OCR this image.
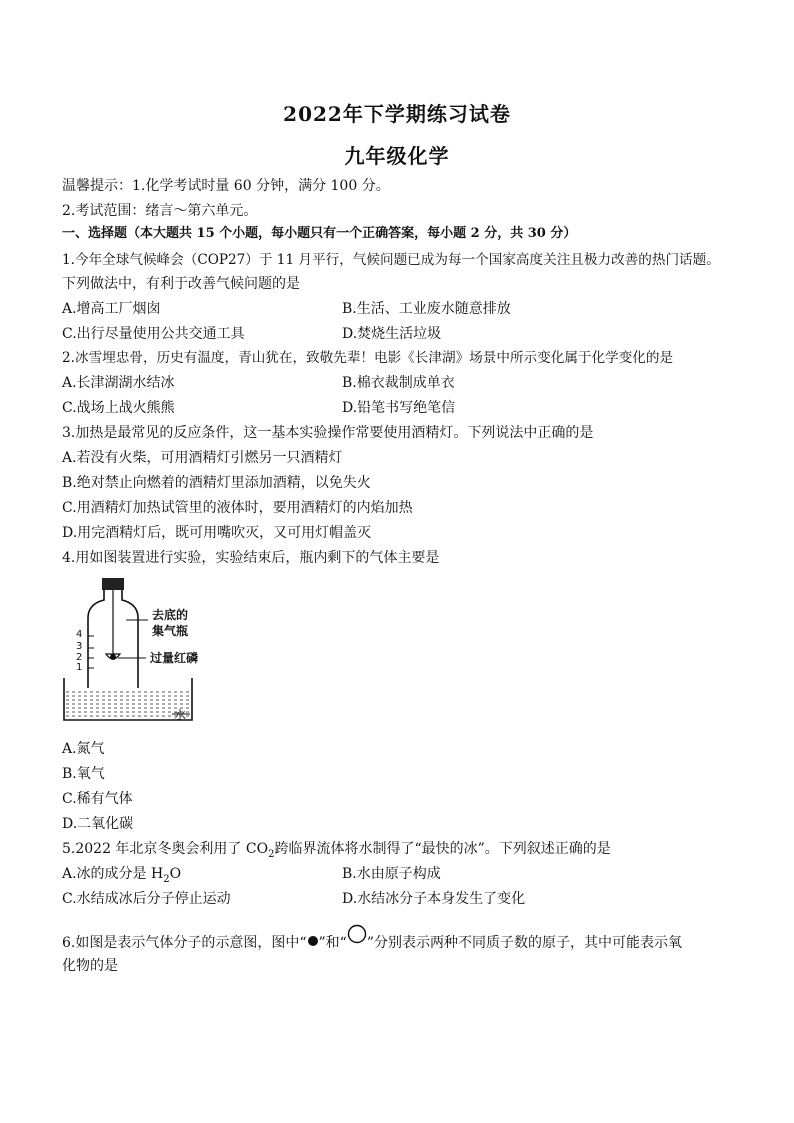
2022年下学期练习试卷
九年级化学
温馨提示：1.化学考试时量 60 分钟，满分 100 分。
2.考试范围：绪言～第六单元。
一、选择题（本大题共 15 个小题，每小题只有一个正确答案，每小题 2 分，共 30 分）
1.今年全球气候峰会（COP27）于 11 月平行，气候问题已成为每一个国家高度关注且极力改善的热门话题。
下列做法中，有利于改善气候问题的是
A.增高工厂烟囱	B.生活、工业废水随意排放
C.出行尽量使用公共交通工具	D.焚烧生活垃圾
2.冰雪埋忠骨，历史有温度，青山犹在，致敬先辈！电影《长津湖》场景中所示变化属于化学变化的是
A.长津湖湖水结冰	B.棉衣裁制成单衣
C.战场上战火熊熊	D.铅笔书写绝笔信
3.加热是最常见的反应条件，这一基本实验操作常要使用酒精灯。下列说法中正确的是
A.若没有火柴，可用酒精灯引燃另一只酒精灯
B.绝对禁止向燃着的酒精灯里添加酒精，以免失火
C.用酒精灯加热试管里的液体时，要用酒精灯的内焰加热
D.用完酒精灯后，既可用嘴吹灭，又可用灯帽盖灭
4.用如图装置进行实验，实验结束后，瓶内剩下的气体主要是
4
3
2
1
去底的
集气瓶
过量红磷
水
A.氮气
B.氧气
C.稀有气体
D.二氧化碳
5.2022 年北京冬奥会利用了 $CO_2$跨临界流体将水制得了“最快的冰”。下列叙述正确的是
A.冰的成分是 $H_2O$	B.水由原子构成
C.水结成冰后分子停止运动	D.水结冰分子本身发生了变化
6.如图是表示气体分子的示意图，图中“ ”和“ ”分别表示两种不同质子数的原子，其中可能表示氧
化物的是
